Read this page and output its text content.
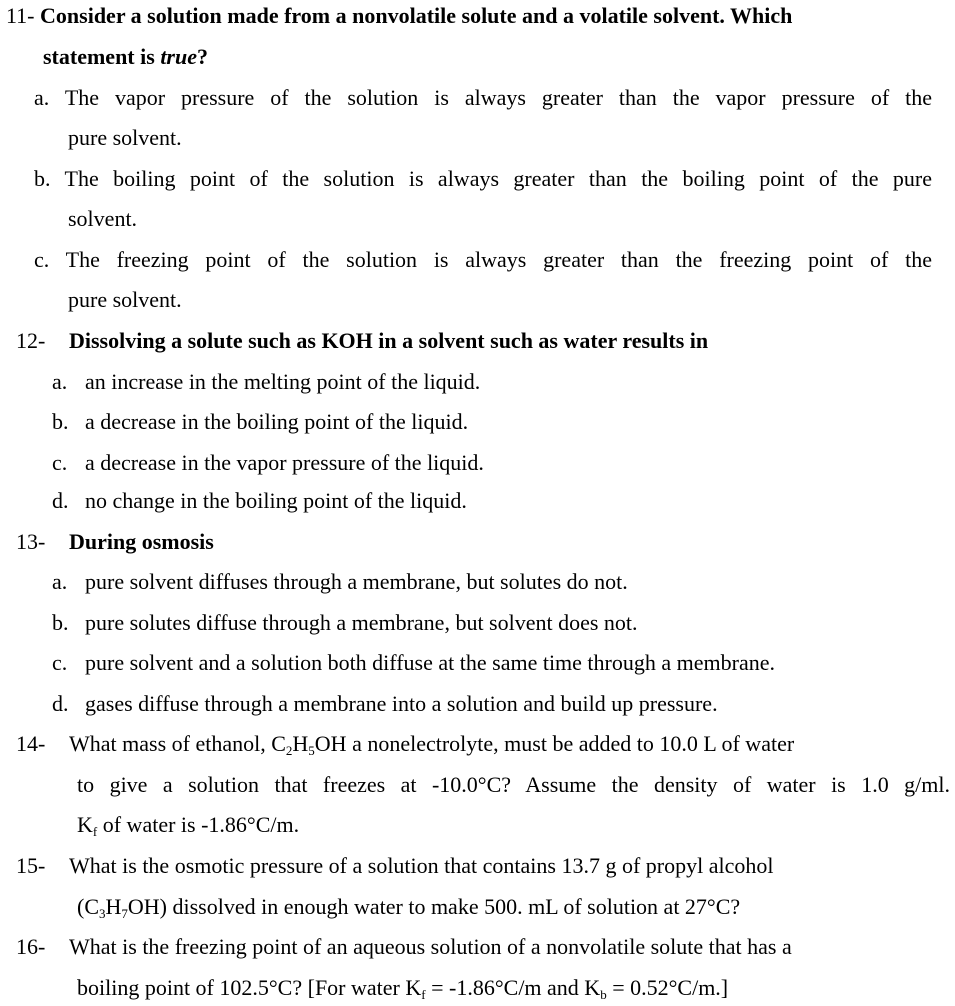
11- Consider a solution made from a nonvolatile solute and a volatile solvent. Which
statement is true?
a. The vapor pressure of the solution is always greater than the vapor pressure of the
pure solvent.
b. The boiling point of the solution is always greater than the boiling point of the pure
solvent.
c. The freezing point of the solution is always greater than the freezing point of the
pure solvent.
12- Dissolving a solute such as KOH in a solvent such as water results in
a. an increase in the melting point of the liquid.
b. a decrease in the boiling point of the liquid.
c. a decrease in the vapor pressure of the liquid.
d. no change in the boiling point of the liquid.
13- During osmosis
a. pure solvent diffuses through a membrane, but solutes do not.
b. pure solutes diffuse through a membrane, but solvent does not.
c. pure solvent and a solution both diffuse at the same time through a membrane.
d. gases diffuse through a membrane into a solution and build up pressure.
14- What mass of ethanol, $C_2H_5OH$ a nonelectrolyte, must be added to 10.0 L of water
to give a solution that freezes at -10.0°C? Assume the density of water is 1.0 g/ml.
$K_f$ of water is -1.86°C/m.
15- What is the osmotic pressure of a solution that contains 13.7 g of propyl alcohol
$(C_3H_7OH)$ dissolved in enough water to make 500. mL of solution at 27°C?
16- What is the freezing point of an aqueous solution of a nonvolatile solute that has a
boiling point of 102.5°C? [For water $K_f = -1.86^\circ C/m$ and $K_b = 0.52^\circ C/m$.]
